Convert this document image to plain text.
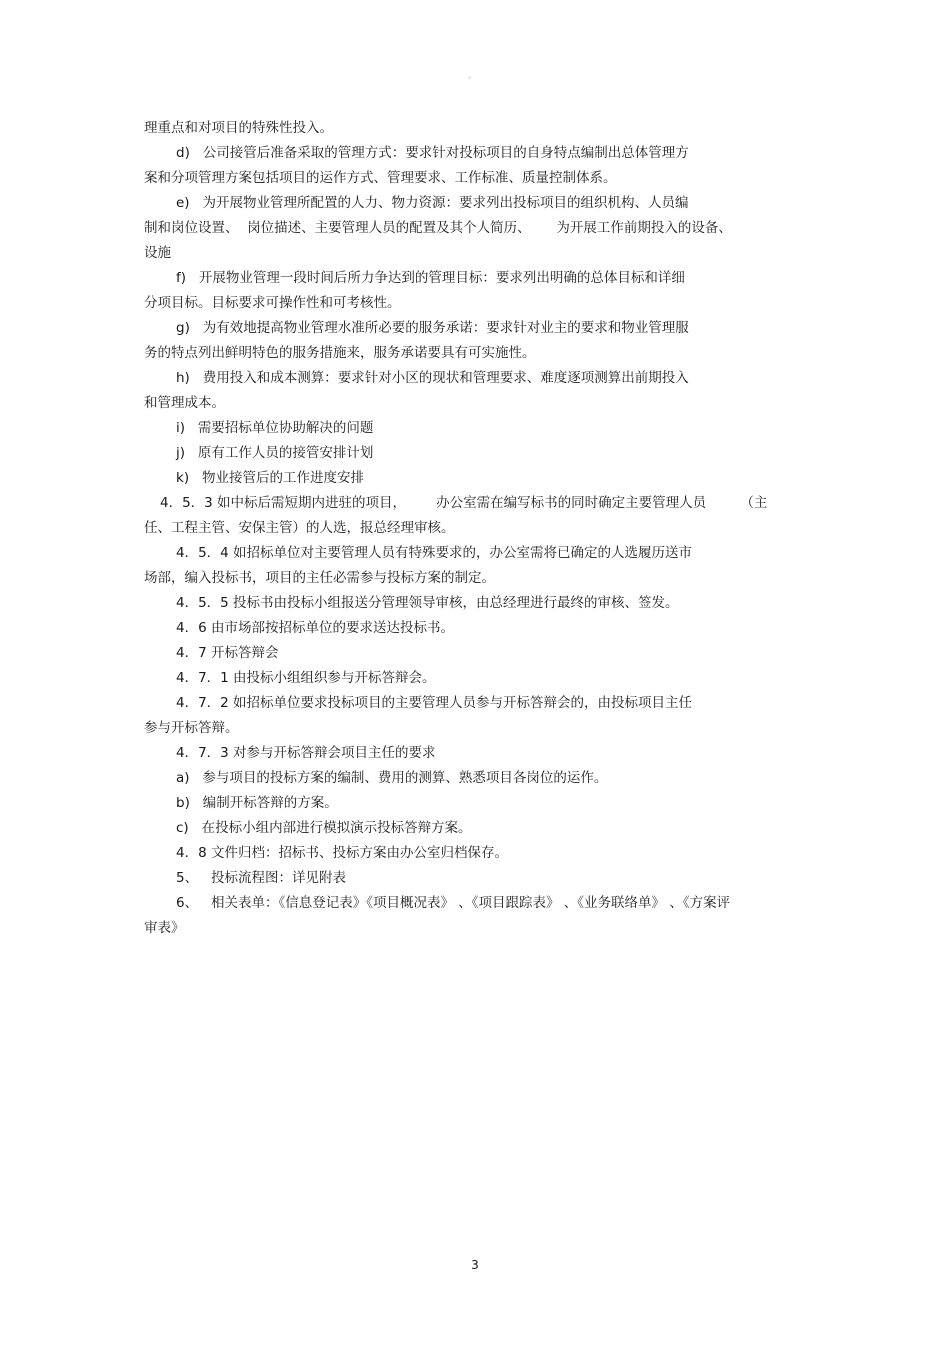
。
理重点和对项目的特殊性投入。
d)   公司接管后准备采取的管理方式：要求针对投标项目的自身特点编制出总体管理方
案和分项管理方案包括项目的运作方式、管理要求、工作标准、质量控制体系。
e)   为开展物业管理所配置的人力、物力资源：要求列出投标项目的组织机构、人员编
制和岗位设置、  岗位描述、主要管理人员的配置及其个人简历、      为开展工作前期投入的设备、
设施
f)   开展物业管理一段时间后所力争达到的管理目标：要求列出明确的总体目标和详细
分项目标。目标要求可操作性和可考核性。
g)   为有效地提高物业管理水准所必要的服务承诺：要求针对业主的要求和物业管理服
务的特点列出鲜明特色的服务措施来，服务承诺要具有可实施性。
h)   费用投入和成本测算：要求针对小区的现状和管理要求、难度逐项测算出前期投入
和管理成本。
i)   需要招标单位协助解决的问题
j)   原有工作人员的接管安排计划
k)   物业接管后的工作进度安排
4．5．3 如中标后需短期内进驻的项目，       办公室需在编写标书的同时确定主要管理人员        （主
任、工程主管、安保主管）的人选，报总经理审核。
4．5．4 如招标单位对主要管理人员有特殊要求的，办公室需将已确定的人选履历送市
场部，编入投标书，项目的主任必需参与投标方案的制定。
4．5．5 投标书由投标小组报送分管理领导审核，由总经理进行最终的审核、签发。
4．6 由市场部按招标单位的要求送达投标书。
4．7 开标答辩会
4．7．1 由投标小组组织参与开标答辩会。
4．7．2 如招标单位要求投标项目的主要管理人员参与开标答辩会的，由投标项目主任
参与开标答辩。
4．7．3 对参与开标答辩会项目主任的要求
a)   参与项目的投标方案的编制、费用的测算、熟悉项目各岗位的运作。
b)   编制开标答辩的方案。
c)   在投标小组内部进行模拟演示投标答辩方案。
4．8 文件归档：招标书、投标方案由办公室归档保存。
5、   投标流程图：详见附表
6、   相关表单：《信息登记表》《项目概况表》 、《项目跟踪表》 、《业务联络单》 、《方案评
审表》
3
